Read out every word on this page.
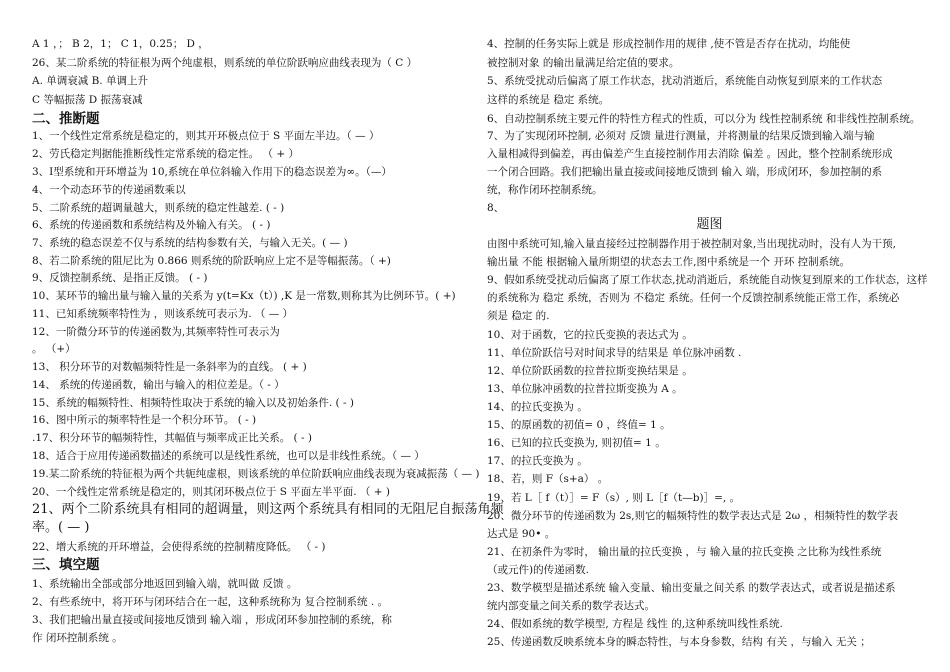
A 1 ，； B 2，1； C 1，0.25； D ，
26、某二阶系统的特征根为两个纯虚根，则系统的单位阶跃响应曲线表现为（ C ）
A. 单调衰减 B. 单调上升
C 等幅振荡 D 振荡衰减
二、推断题
1、一个线性定常系统是稳定的，则其开环极点位于 S 平面左半边。（ — ）
2、劳氏稳定判据能推断线性定常系统的稳定性。 （ + ）
3、Ⅰ型系统和开环增益为 10,系统在单位斜输入作用下的稳态误差为∞。（—）
4、一个动态环节的传递函数乘以
5、二阶系统的超调量越大，则系统的稳定性越差. ( - )
6、系统的传递函数和系统结构及外输入有关。 ( - )
7、系统的稳态误差不仅与系统的结构参数有关，与输入无关。( — )
8、若二阶系统的阻尼比为 0.866 则系统的阶跃响应上定不是等幅振荡。（ +)
9、反馈控制系统、是指正反馈。 ( - )
10、某环节的输出量与输入量的关系为 y(t=Kx（t）) ,K 是一常数,则称其为比例环节。( +)
11、已知系统频率特性为 ，则该系统可表示为. （ — ）
12、一阶微分环节的传递函数为,其频率特性可表示为
。 （+）
13、 积分环节的对数幅频特性是一条斜率为的直线。 ( + )
14、 系统的传递函数，输出与输入的相位差是。（ - ）
15、系统的幅频特性、相频特性取决于系统的输入以及初始条件. ( - )
16、图中所示的频率特性是一个积分环节。 ( - )
.17、积分环节的幅频特性，其幅值与频率成正比关系。 ( - )
18、适合于应用传递函数描述的系统可以是线性系统，也可以是非线性系统。（ — ）
19.某二阶系统的特征根为两个共轭纯虚根，则该系统的单位阶跃响应曲线表现为衰减振荡（ — )
20、一个线性定常系统是稳定的，则其闭环极点位于 S 平面左半平面. （ + )
21、两个二阶系统具有相同的超调量，则这两个系统具有相同的无阻尼自振荡角频
率。( — )
22、增大系统的开环增益，会使得系统的控制精度降低。 （ - )
三、填空题
1、系统输出全部或部分地返回到输入端，就叫做 反馈 。
2、有些系统中，将开环与闭环结合在一起，这种系统称为 复合控制系统 . 。
3、我们把输出量直接或间接地反馈到 输入端 ，形成闭环参加控制的系统，称
作 闭环控制系统 。
4、控制的任务实际上就是 形成控制作用的规律 ,使不管是否存在扰动，均能使
被控制对象 的输出量满足给定值的要求。
5、系统受扰动后偏离了原工作状态，扰动消逝后，系统能自动恢复到原来的工作状态
这样的系统是 稳定 系统。
6、自动控制系统主要元件的特性方程式的性质，可以分为 线性控制系统 和非线性控制系统。
7、为了实现闭环控制, 必须对 反馈 量进行测量，并将测量的结果反馈到输入端与输
入量相减得到偏差，再由偏差产生直接控制作用去消除 偏差 。因此，整个控制系统形成
一个闭合回路。我们把输出量直接或间接地反馈到 输入 端，形成闭环，参加控制的系
统，称作闭环控制系统。
8、
题图
由图中系统可知,输入量直接经过控制器作用于被控制对象,当出现扰动时，没有人为干预,
输出量 不能 根据输入量所期望的状态去工作,图中系统是一个 开环 控制系统。
9、假如系统受扰动后偏离了原工作状态,扰动消逝后，系统能自动恢复到原来的工作状态，这样
的系统称为 稳定 系统，否则为 不稳定 系统。任何一个反馈控制系统能正常工作，系统必
须是 稳定 的.
10、对于函数，它的拉氏变换的表达式为 。
11、单位阶跃信号对时间求导的结果是 单位脉冲函数 .
12、单位阶跃函数的拉普拉斯变换结果是 。
13、单位脉冲函数的拉普拉斯变换为 A 。
14、的拉氏变换为 。
15、的原函数的初值= 0 ，终值= 1 。
16、已知的拉氏变换为, 则初值= 1 。
17、的拉氏变换为 。
18、若，则 F（s+a） 。
19、若 L［ f（t）］= F（s）, 则 L［f（t—b)］=, 。
20、微分环节的传递函数为 2s,则它的幅频特性的数学表达式是 2ω ，相频特性的数学表
达式是 90• 。
21、在初条件为零时， 输出量的拉氏变换 ，与 输入量的拉氏变换 之比称为线性系统
（或元件)的传递函数.
23、数学模型是描述系统 输入变量、输出变量之间关系 的数学表达式，或者说是描述系
统内部变量之间关系的数学表达式。
24、假如系统的数学模型, 方程是 线性 的,这种系统叫线性系统.
25、传递函数反映系统本身的瞬态特性，与本身参数，结构 有关 ，与输入 无关 ；
